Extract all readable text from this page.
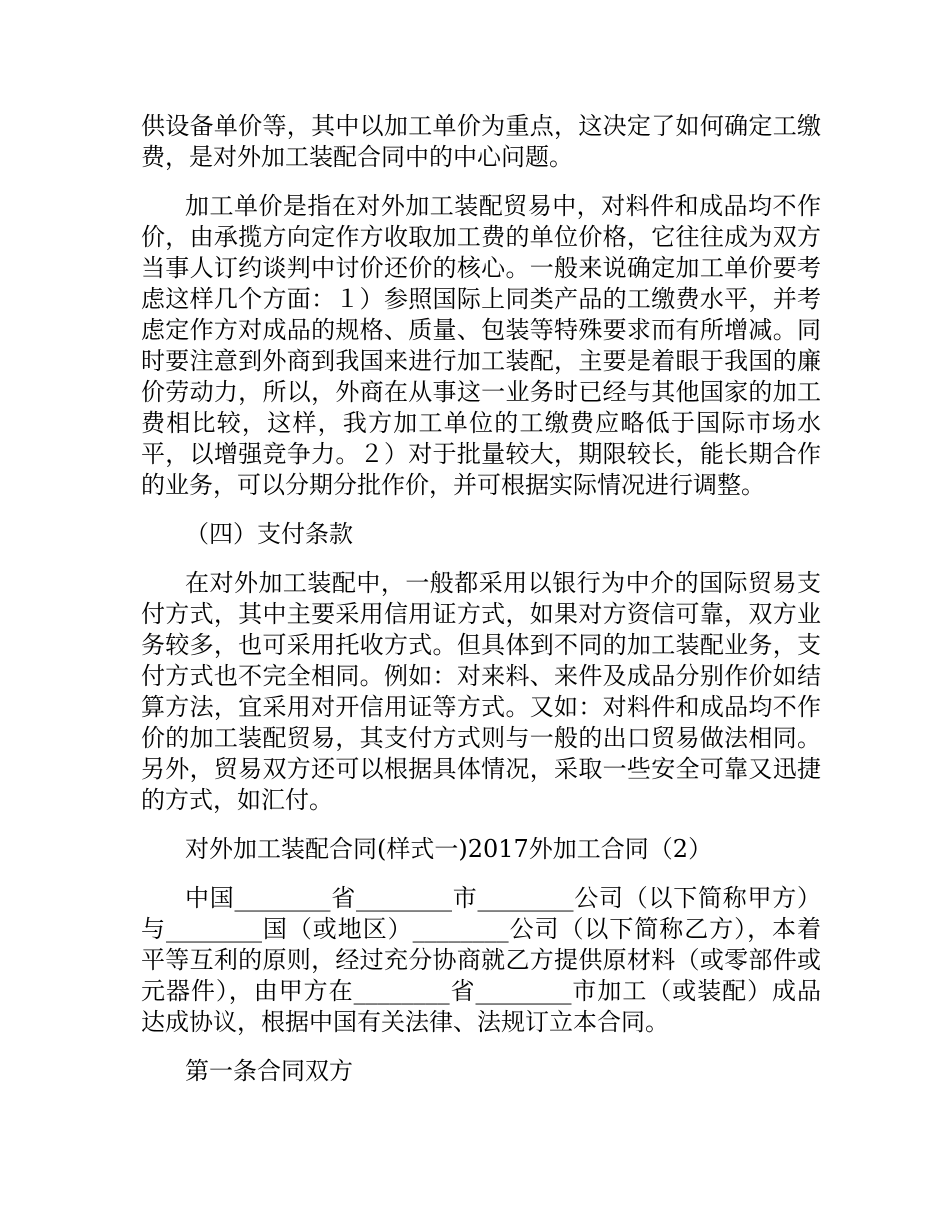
供设备单价等，其中以加工单价为重点，这决定了如何确定工缴费，是对外加工装配合同中的中心问题。

加工单价是指在对外加工装配贸易中，对料件和成品均不作价，由承揽方向定作方收取加工费的单位价格，它往往成为双方当事人订约谈判中讨价还价的核心。一般来说确定加工单价要考虑这样几个方面：１）参照国际上同类产品的工缴费水平，并考虑定作方对成品的规格、质量、包装等特殊要求而有所增减。同时要注意到外商到我国来进行加工装配，主要是着眼于我国的廉价劳动力，所以，外商在从事这一业务时已经与其他国家的加工费相比较，这样，我方加工单位的工缴费应略低于国际市场水平，以增强竞争力。２）对于批量较大，期限较长，能长期合作的业务，可以分期分批作价，并可根据实际情况进行调整。

（四）支付条款

在对外加工装配中，一般都采用以银行为中介的国际贸易支付方式，其中主要采用信用证方式，如果对方资信可靠，双方业务较多，也可采用托收方式。但具体到不同的加工装配业务，支付方式也不完全相同。例如：对来料、来件及成品分别作价如结算方法，宜采用对开信用证等方式。又如：对料件和成品均不作价的加工装配贸易，其支付方式则与一般的出口贸易做法相同。另外，贸易双方还可以根据具体情况，采取一些安全可靠又迅捷的方式，如汇付。

对外加工装配合同(样式一)2017外加工合同（2）

中国________省________市________公司（以下简称甲方）与________国（或地区）________公司（以下简称乙方），本着平等互利的原则，经过充分协商就乙方提供原材料（或零部件或元器件），由甲方在________省________市加工（或装配）成品达成协议，根据中国有关法律、法规订立本合同。

第一条合同双方
